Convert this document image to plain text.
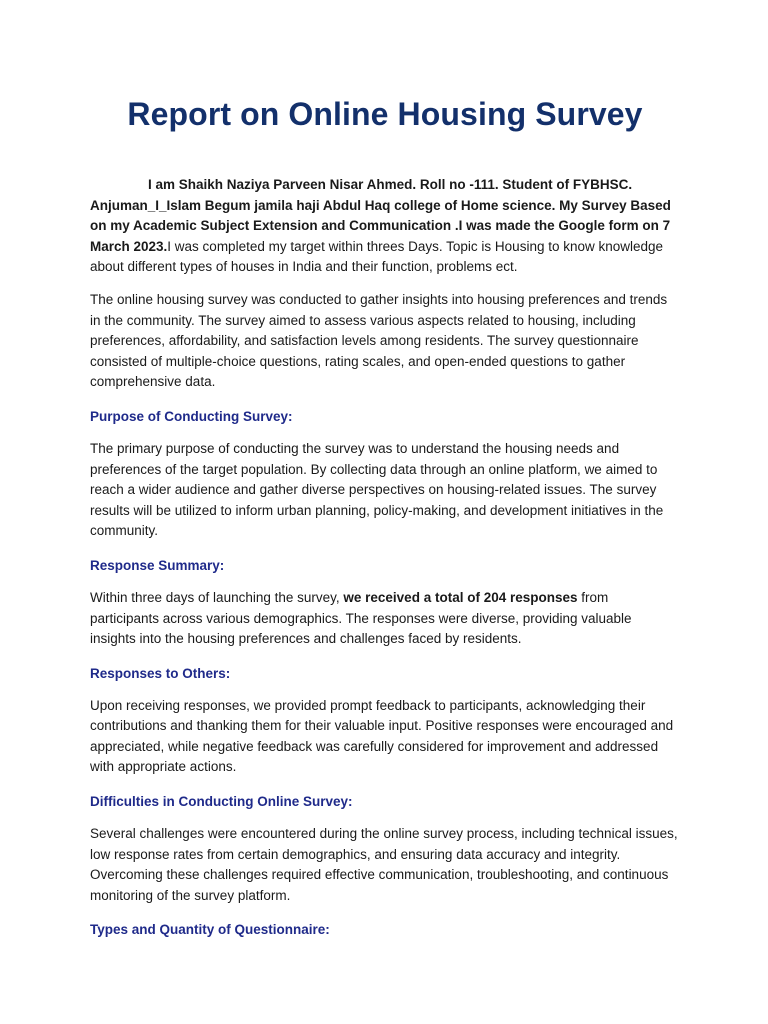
Report on Online Housing Survey

I am Shaikh Naziya Parveen Nisar Ahmed. Roll no -111. Student of FYBHSC. Anjuman_I_Islam Begum jamila haji Abdul Haq college of Home science. My Survey Based on my Academic Subject Extension and Communication .I was made the Google form on 7 March 2023.I was completed my target within threes Days. Topic is Housing to know knowledge about different types of houses in India and their function, problems ect.

The online housing survey was conducted to gather insights into housing preferences and trends in the community. The survey aimed to assess various aspects related to housing, including preferences, affordability, and satisfaction levels among residents. The survey questionnaire consisted of multiple-choice questions, rating scales, and open-ended questions to gather comprehensive data.

Purpose of Conducting Survey:

The primary purpose of conducting the survey was to understand the housing needs and preferences of the target population. By collecting data through an online platform, we aimed to reach a wider audience and gather diverse perspectives on housing-related issues. The survey results will be utilized to inform urban planning, policy-making, and development initiatives in the community.

Response Summary:

Within three days of launching the survey, we received a total of 204 responses from participants across various demographics. The responses were diverse, providing valuable insights into the housing preferences and challenges faced by residents.

Responses to Others:

Upon receiving responses, we provided prompt feedback to participants, acknowledging their contributions and thanking them for their valuable input. Positive responses were encouraged and appreciated, while negative feedback was carefully considered for improvement and addressed with appropriate actions.

Difficulties in Conducting Online Survey:

Several challenges were encountered during the online survey process, including technical issues, low response rates from certain demographics, and ensuring data accuracy and integrity. Overcoming these challenges required effective communication, troubleshooting, and continuous monitoring of the survey platform.

Types and Quantity of Questionnaire:
